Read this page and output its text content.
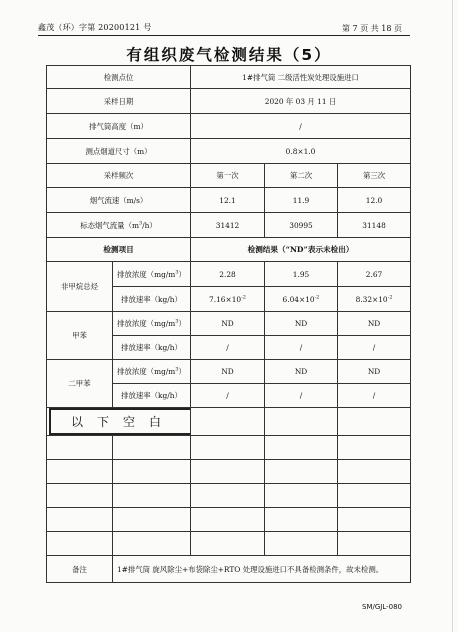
鑫茂（环）字第 20200121 号	第 7 页 共 18 页
有组织废气检测结果（5）
检测点位		1#排气筒 二级活性炭处理设施进口		
采样日期		2020 年 03 月 11 日		
排气筒高度（m）		/		
测点烟道尺寸（m）		0.8×1.0		
采样频次		第一次	第二次	第三次
烟气流速（m/s）		12.1	11.9	12.0
标态烟气流量$(m^3/h)$		31412	30995	31148
检测项目		检测结果（“ND”表示未检出）		
非甲烷总烃	排放浓度$(mg/m^3)$	2.28	1.95	2.67
	排放速率（kg/h）	$7.16\times 10^{-2}$	$6.04\times 10^{-2}$	$8.32\times 10^{-2}$
甲苯	排放浓度$(mg/m^3)$	ND	ND	ND
	排放速率（kg/h）	/	/	/
二甲苯	排放浓度$(mg/m^3)$	ND	ND	ND
	排放速率（kg/h）	/	/	/
以下空白				

备注	1#排气筒 旋风除尘+布袋除尘+RTO 处理设施进口不具备检测条件，故未检测。			
SM/GJL-080
